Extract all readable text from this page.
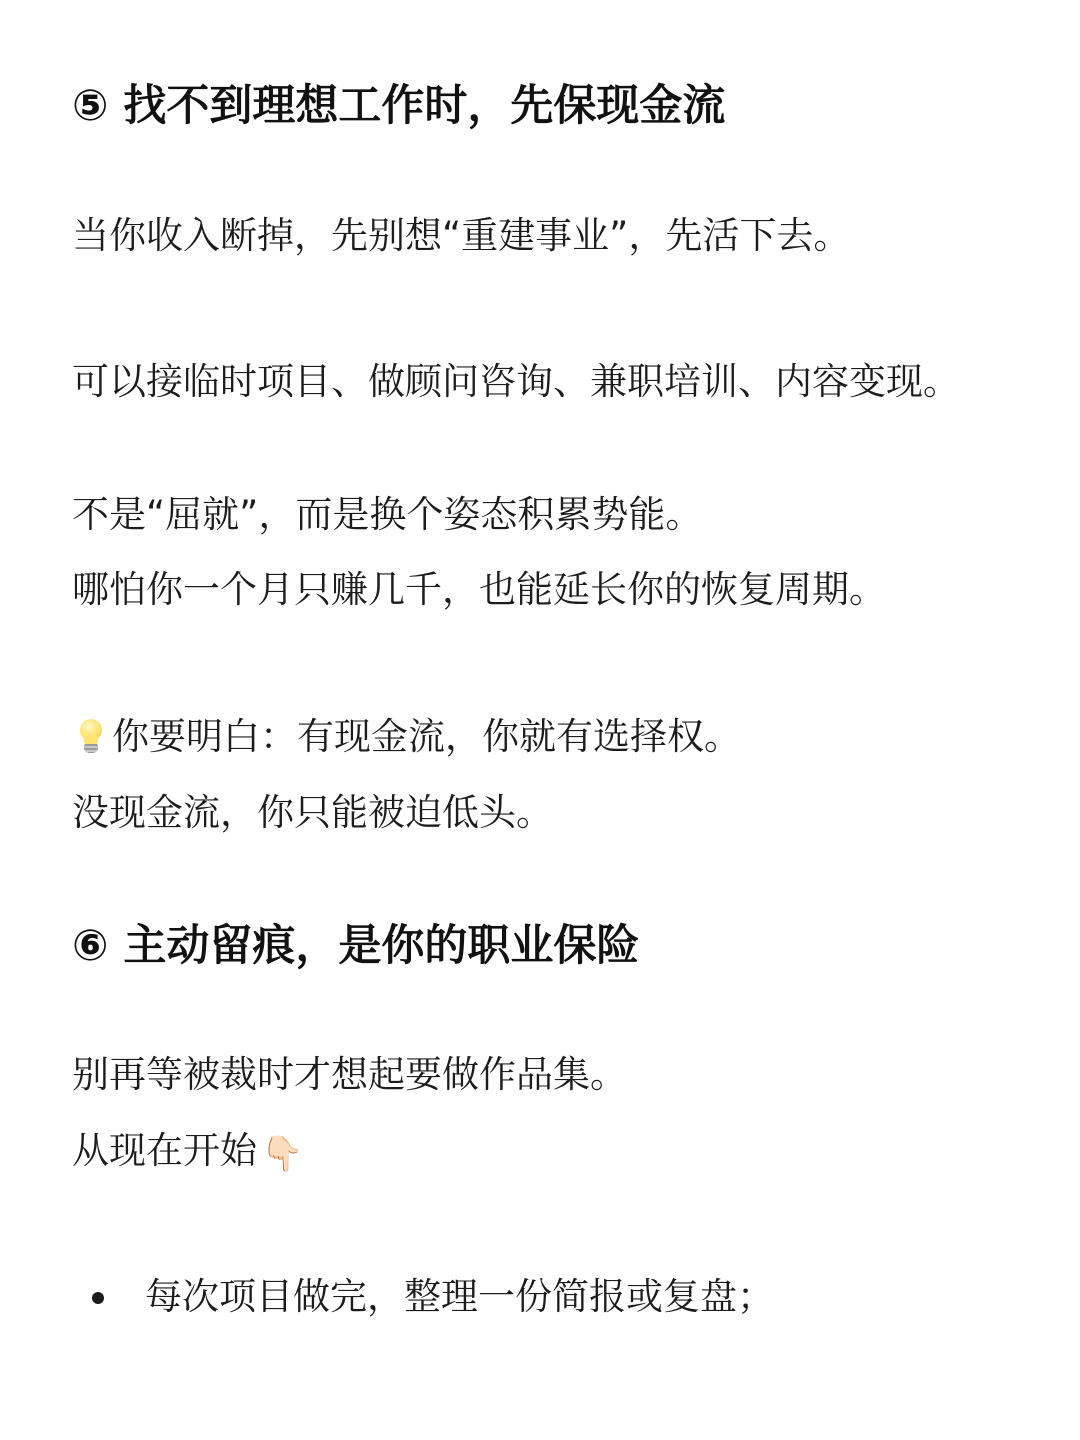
⑤ 找不到理想工作时，先保现金流
当你收入断掉，先别想“重建事业”，先活下去。
可以接临时项目、做顾问咨询、兼职培训、内容变现。
不是“屈就”，而是换个姿态积累势能。
哪怕你一个月只赚几千，也能延长你的恢复周期。
你要明白：有现金流，你就有选择权。
没现金流，你只能被迫低头。
⑥ 主动留痕，是你的职业保险
别再等被裁时才想起要做作品集。
从现在开始 👇🏻
每次项目做完，整理一份简报或复盘；
